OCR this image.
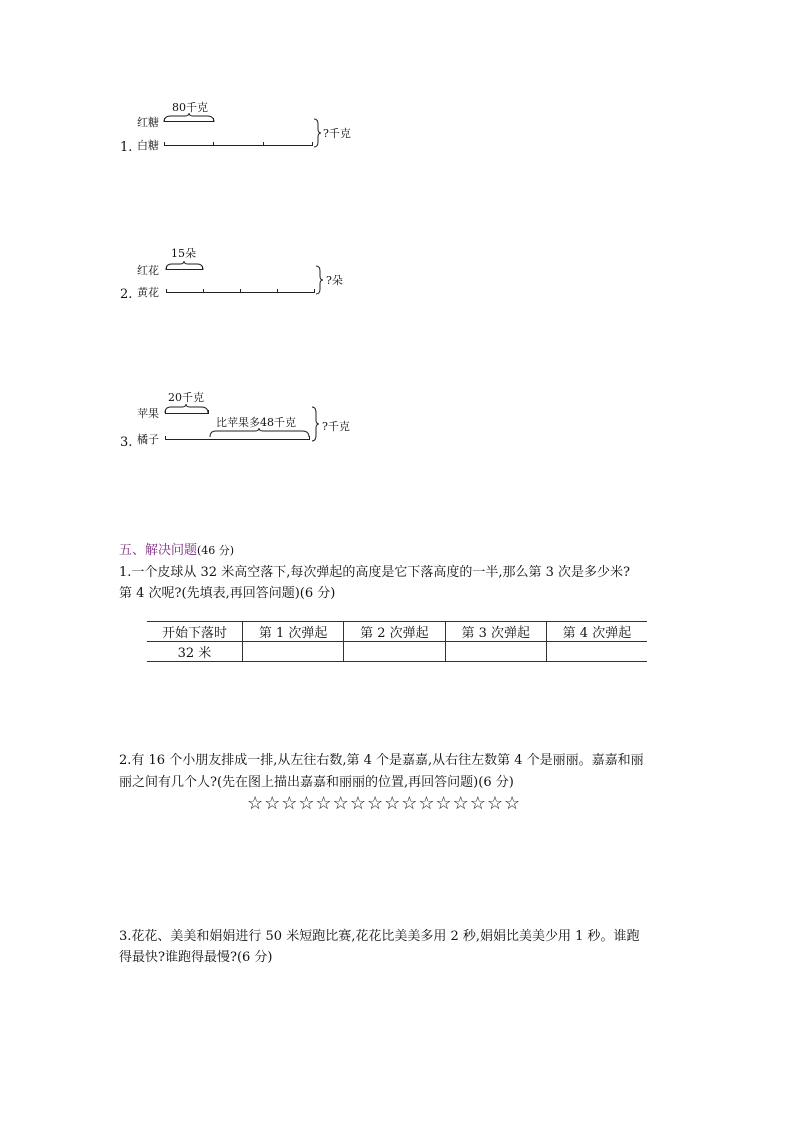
80千克
红糖
1. 白糖
?千克
15朵
红花
2. 黄花
?朵
20千克
苹果
比苹果多48千克
3. 橘子
?千克
五、解决问题(46 分)
1.一个皮球从 32 米高空落下,每次弹起的高度是它下落高度的一半,那么第 3 次是多少米?
第 4 次呢?(先填表,再回答问题)(6 分)
开始下落时	第 1 次弹起	第 2 次弹起	第 3 次弹起	第 4 次弹起
32 米				
2.有 16 个小朋友排成一排,从左往右数,第 4 个是嘉嘉,从右往左数第 4 个是丽丽。嘉嘉和丽
丽之间有几个人?(先在图上描出嘉嘉和丽丽的位置,再回答问题)(6 分)
☆☆☆☆☆☆☆☆☆☆☆☆☆☆☆☆
3.花花、美美和娟娟进行 50 米短跑比赛,花花比美美多用 2 秒,娟娟比美美少用 1 秒。谁跑
得最快?谁跑得最慢?(6 分)
